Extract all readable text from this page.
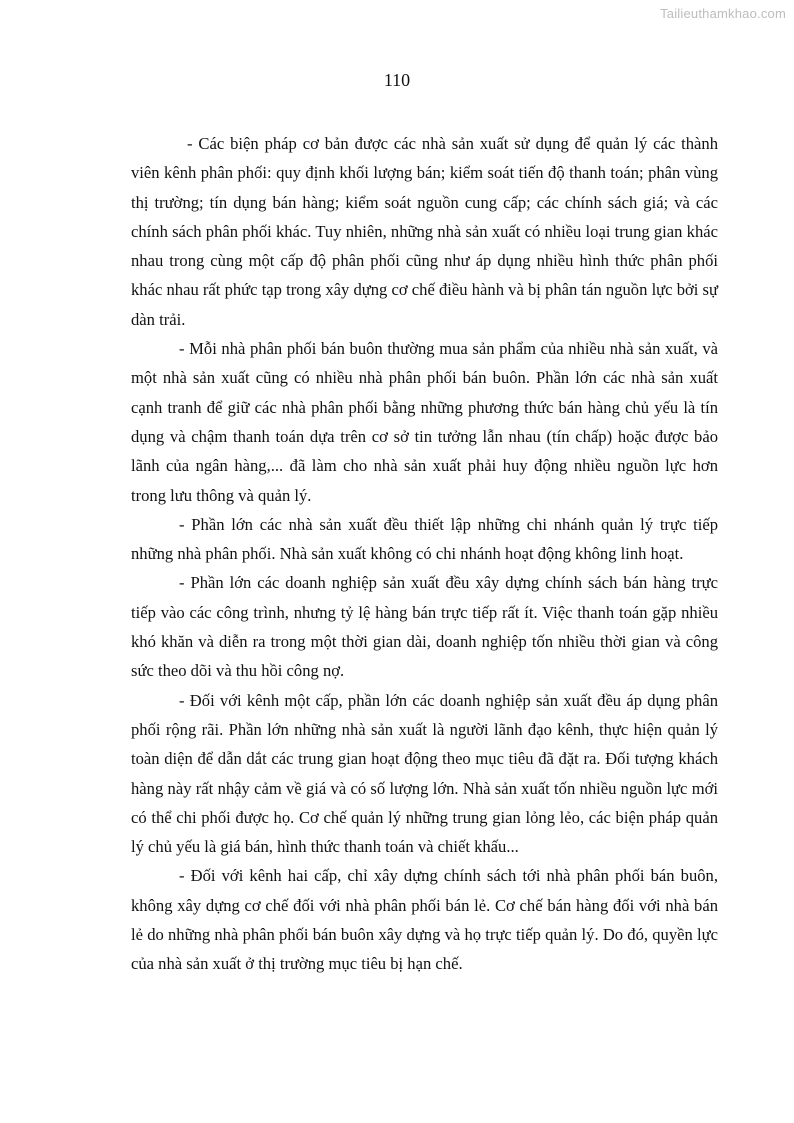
Tailieuthamkhao.com
110

- Các biện pháp cơ bản được các nhà sản xuất sử dụng để quản lý các thành viên kênh phân phối: quy định khối lượng bán; kiểm soát tiến độ thanh toán; phân vùng thị trường; tín dụng bán hàng; kiểm soát nguồn cung cấp; các chính sách giá; và các chính sách phân phối khác. Tuy nhiên, những nhà sản xuất có nhiều loại trung gian khác nhau trong cùng một cấp độ phân phối cũng như áp dụng nhiều hình thức phân phối khác nhau rất phức tạp trong xây dựng cơ chế điều hành và bị phân tán nguồn lực bởi sự dàn trải.

- Mỗi nhà phân phối bán buôn thường mua sản phẩm của nhiều nhà sản xuất, và một nhà sản xuất cũng có nhiều nhà phân phối bán buôn. Phần lớn các nhà sản xuất cạnh tranh để giữ các nhà phân phối bằng những phương thức bán hàng chủ yếu là tín dụng và chậm thanh toán dựa trên cơ sở tin tưởng lẫn nhau (tín chấp) hoặc được bảo lãnh của ngân hàng,... đã làm cho nhà sản xuất phải huy động nhiều nguồn lực hơn trong lưu thông và quản lý.

- Phần lớn các nhà sản xuất đều thiết lập những chi nhánh quản lý trực tiếp những nhà phân phối. Nhà sản xuất không có chi nhánh hoạt động không linh hoạt.

- Phần lớn các doanh nghiệp sản xuất đều xây dựng chính sách bán hàng trực tiếp vào các công trình, nhưng tỷ lệ hàng bán trực tiếp rất ít. Việc thanh toán gặp nhiều khó khăn và diễn ra trong một thời gian dài, doanh nghiệp tốn nhiều thời gian và công sức theo dõi và thu hồi công nợ.

- Đối với kênh một cấp, phần lớn các doanh nghiệp sản xuất đều áp dụng phân phối rộng rãi. Phần lớn những nhà sản xuất là người lãnh đạo kênh, thực hiện quản lý toàn diện để dẫn dắt các trung gian hoạt động theo mục tiêu đã đặt ra. Đối tượng khách hàng này rất nhậy cảm về giá và có số lượng lớn. Nhà sản xuất tốn nhiều nguồn lực mới có thể chi phối được họ. Cơ chế quản lý những trung gian lỏng lẻo, các biện pháp quản lý chủ yếu là giá bán, hình thức thanh toán và chiết khấu...

- Đối với kênh hai cấp, chỉ xây dựng chính sách tới nhà phân phối bán buôn, không xây dựng cơ chế đối với nhà phân phối bán lẻ. Cơ chế bán hàng đối với nhà bán lẻ do những nhà phân phối bán buôn xây dựng và họ trực tiếp quản lý. Do đó, quyền lực của nhà sản xuất ở thị trường mục tiêu bị hạn chế.
